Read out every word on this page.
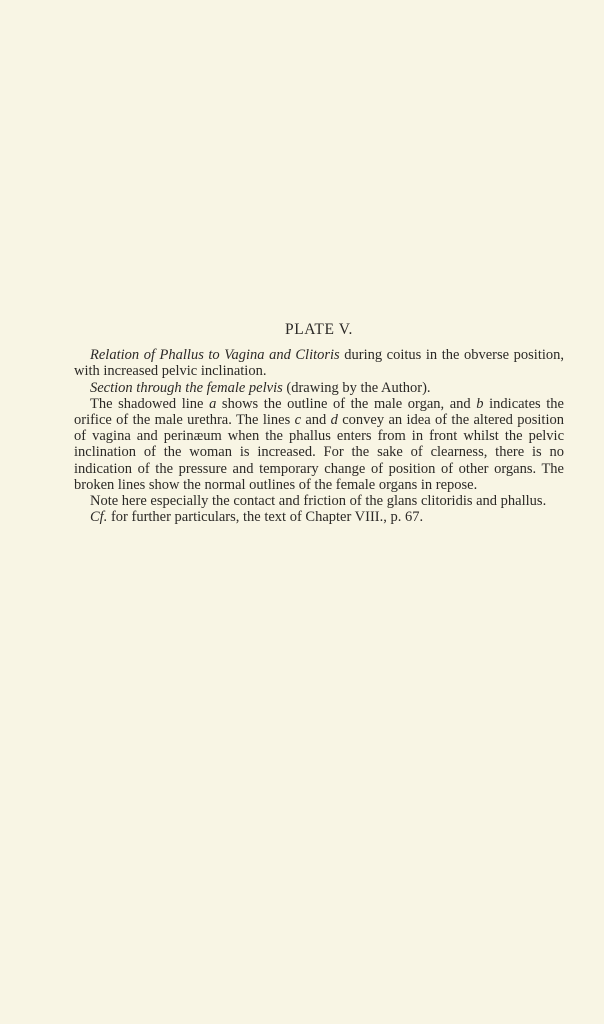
PLATE V.

Relation of Phallus to Vagina and Clitoris during coitus in the obverse position, with increased pelvic inclination.

Section through the female pelvis (drawing by the Author).

The shadowed line a shows the outline of the male organ, and b indicates the orifice of the male urethra. The lines c and d convey an idea of the altered position of vagina and perinæum when the phallus enters from in front whilst the pelvic inclination of the woman is increased. For the sake of clearness, there is no indication of the pressure and temporary change of position of other organs. The broken lines show the normal outlines of the female organs in repose.

Note here especially the contact and friction of the glans clitoridis and phallus.

Cf. for further particulars, the text of Chapter VIII., p. 67.
